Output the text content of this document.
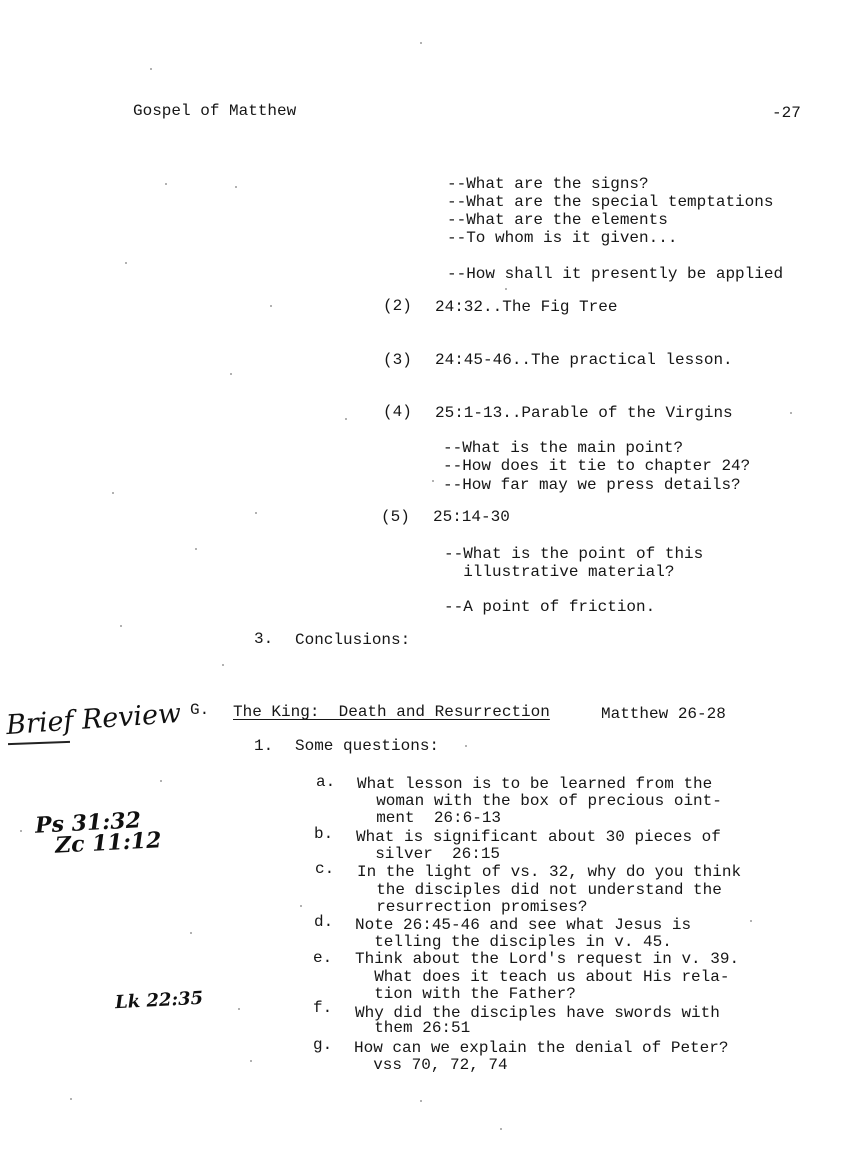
Gospel of Matthew	-27
--What are the signs?
--What are the special temptations
--What are the elements
--To whom is it given...
--How shall it presently be applied
(2) 24:32..The Fig Tree
(3) 24:45-46..The practical lesson.
(4) 25:1-13..Parable of the Virgins
--What is the main point?
--How does it tie to chapter 24?
--How far may we press details?
(5) 25:14-30
--What is the point of this
illustrative material?
--A point of friction.
3. Conclusions:
G. The King:  Death and Resurrection	Matthew 26-28
1. Some questions:
a. What lesson is to be learned from the
woman with the box of precious oint-
ment  26:6-13
b. What is significant about 30 pieces of
silver  26:15
c. In the light of vs. 32, why do you think
the disciples did not understand the
resurrection promises?
d. Note 26:45-46 and see what Jesus is
telling the disciples in v. 45.
e. Think about the Lord's request in v. 39.
What does it teach us about His rela-
tion with the Father?
f. Why did the disciples have swords with
them 26:51
g. How can we explain the denial of Peter?
vss 70, 72, 74
Brief Review
Ps 31:32
Zc 11:12
Lk 22:35
